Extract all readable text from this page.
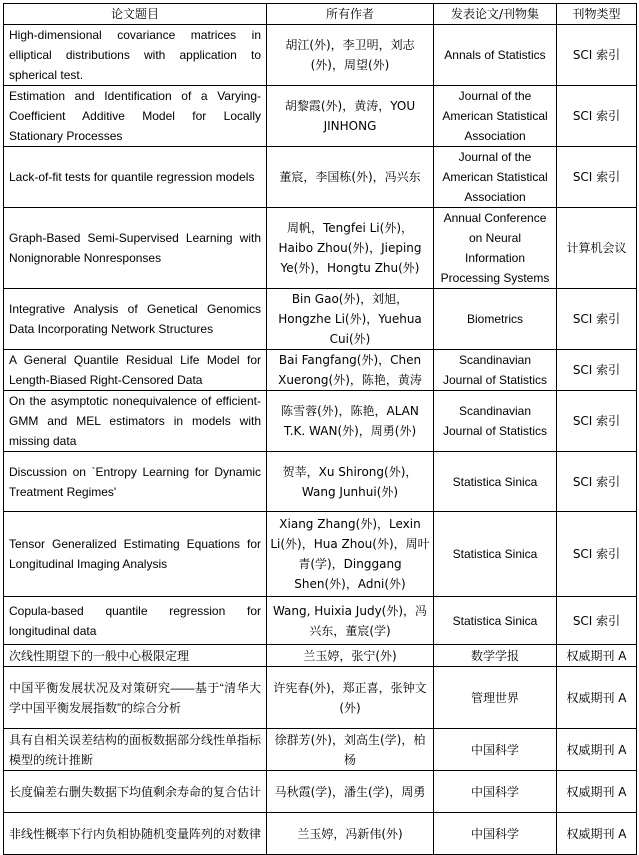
论文题目	所有作者	发表论文/刊物集	刊物类型
High-dimensional covariance matrices in elliptical distributions with application to spherical test.	胡江(外)，李卫明，刘志(外)，周望(外)	Annals of Statistics	SCI 索引
Estimation and Identification of a Varying-Coefficient Additive Model for Locally Stationary Processes	胡黎霞(外)，黄涛，YOU JINHONG	Journal of the American Statistical Association	SCI 索引
Lack-of-fit tests for quantile regression models	董宸，李国栋(外)，冯兴东	Journal of the American Statistical Association	SCI 索引
Graph-Based Semi-Supervised Learning with Nonignorable Nonresponses	周帆，Tengfei Li(外)，Haibo Zhou(外)，Jieping Ye(外)，Hongtu Zhu(外)	Annual Conference on Neural Information Processing Systems	计算机会议
Integrative Analysis of Genetical Genomics Data Incorporating Network Structures	Bin Gao(外)，刘旭，Hongzhe Li(外)，Yuehua Cui(外)	Biometrics	SCI 索引
A General Quantile Residual Life Model for Length-Biased Right-Censored Data	Bai Fangfang(外)，Chen Xuerong(外)，陈艳，黄涛	Scandinavian Journal of Statistics	SCI 索引
On the asymptotic nonequivalence of efficient-GMM and MEL estimators in models with missing data	陈雪蓉(外)，陈艳，ALAN T.K. WAN(外)，周勇(外)	Scandinavian Journal of Statistics	SCI 索引
Discussion on `Entropy Learning for Dynamic Treatment Regimes'	贺莘，Xu Shirong(外)，Wang Junhui(外)	Statistica Sinica	SCI 索引
Tensor Generalized Estimating Equations for Longitudinal Imaging Analysis	Xiang Zhang(外)，Lexin Li(外)，Hua Zhou(外)，周叶青(学)，Dinggang Shen(外)，Adni(外)	Statistica Sinica	SCI 索引
Copula-based quantile regression for longitudinal data	Wang, Huixia Judy(外)，冯兴东，董宸(学)	Statistica Sinica	SCI 索引
次线性期望下的一般中心极限定理	兰玉婷，张宁(外)	数学学报	权威期刊 A
中国平衡发展状况及对策研究——基于“清华大学中国平衡发展指数”的综合分析	许宪春(外)，郑正喜，张钟文(外)	管理世界	权威期刊 A
具有自相关误差结构的面板数据部分线性单指标模型的统计推断	徐群芳(外)，刘高生(学)，柏杨	中国科学	权威期刊 A
长度偏差右删失数据下均值剩余寿命的复合估计	马秋霞(学)，潘生(学)，周勇	中国科学	权威期刊 A
非线性概率下行内负相协随机变量阵列的对数律	兰玉婷，冯新伟(外)	中国科学	权威期刊 A
